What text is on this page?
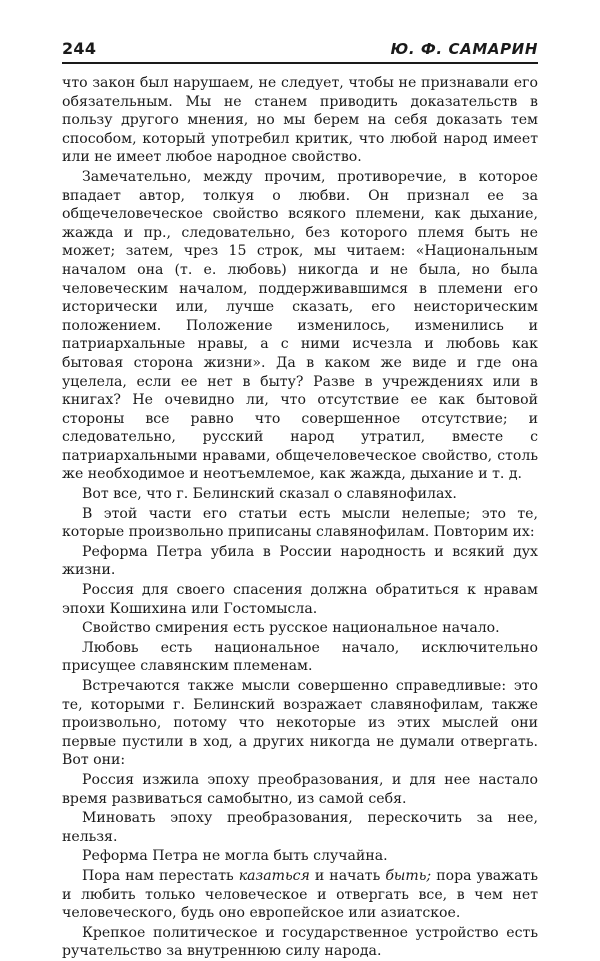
244	Ю. Ф. САМАРИН

что закон был нарушаем, не следует, чтобы не признавали его обязательным. Мы не станем приводить доказательств в пользу другого мнения, но мы берем на себя доказать тем способом, который употребил критик, что любой народ имеет или не имеет любое народное свойство.

Замечательно, между прочим, противоречие, в которое впадает автор, толкуя о любви. Он признал ее за общечеловеческое свойство всякого племени, как дыхание, жажда и пр., следовательно, без которого племя быть не может; затем, чрез 15 строк, мы читаем: «Национальным началом она (т. е. любовь) никогда и не была, но была человеческим началом, поддерживавшимся в племени его исторически или, лучше сказать, его неисторическим положением. Положение изменилось, изменились и патриархальные нравы, а с ними исчезла и любовь как бытовая сторона жизни». Да в каком же виде и где она уцелела, если ее нет в быту? Разве в учреждениях или в книгах? Не очевидно ли, что отсутствие ее как бытовой стороны все равно что совершенное отсутствие; и следовательно, русский народ утратил, вместе с патриархальными нравами, общечеловеческое свойство, столь же необходимое и неотъемлемое, как жажда, дыхание и т. д.

Вот все, что г. Белинский сказал о славянофилах.

В этой части его статьи есть мысли нелепые; это те, которые произвольно приписаны славянофилам. Повторим их:

Реформа Петра убила в России народность и всякий дух жизни.

Россия для своего спасения должна обратиться к нравам эпохи Кошихина или Гостомысла.

Свойство смирения есть русское национальное начало.

Любовь есть национальное начало, исключительно присущее славянским племенам.

Встречаются также мысли совершенно справедливые: это те, которыми г. Белинский возражает славянофилам, также произвольно, потому что некоторые из этих мыслей они первые пустили в ход, а других никогда не думали отвергать. Вот они:

Россия изжила эпоху преобразования, и для нее настало время развиваться самобытно, из самой себя.

Миновать эпоху преобразования, перескочить за нее, нельзя.

Реформа Петра не могла быть случайна.

Пора нам перестать казаться и начать быть; пора уважать и любить только человеческое и отвергать все, в чем нет человеческого, будь оно европейское или азиатское.

Крепкое политическое и государственное устройство есть ручательство за внутреннюю силу народа.
